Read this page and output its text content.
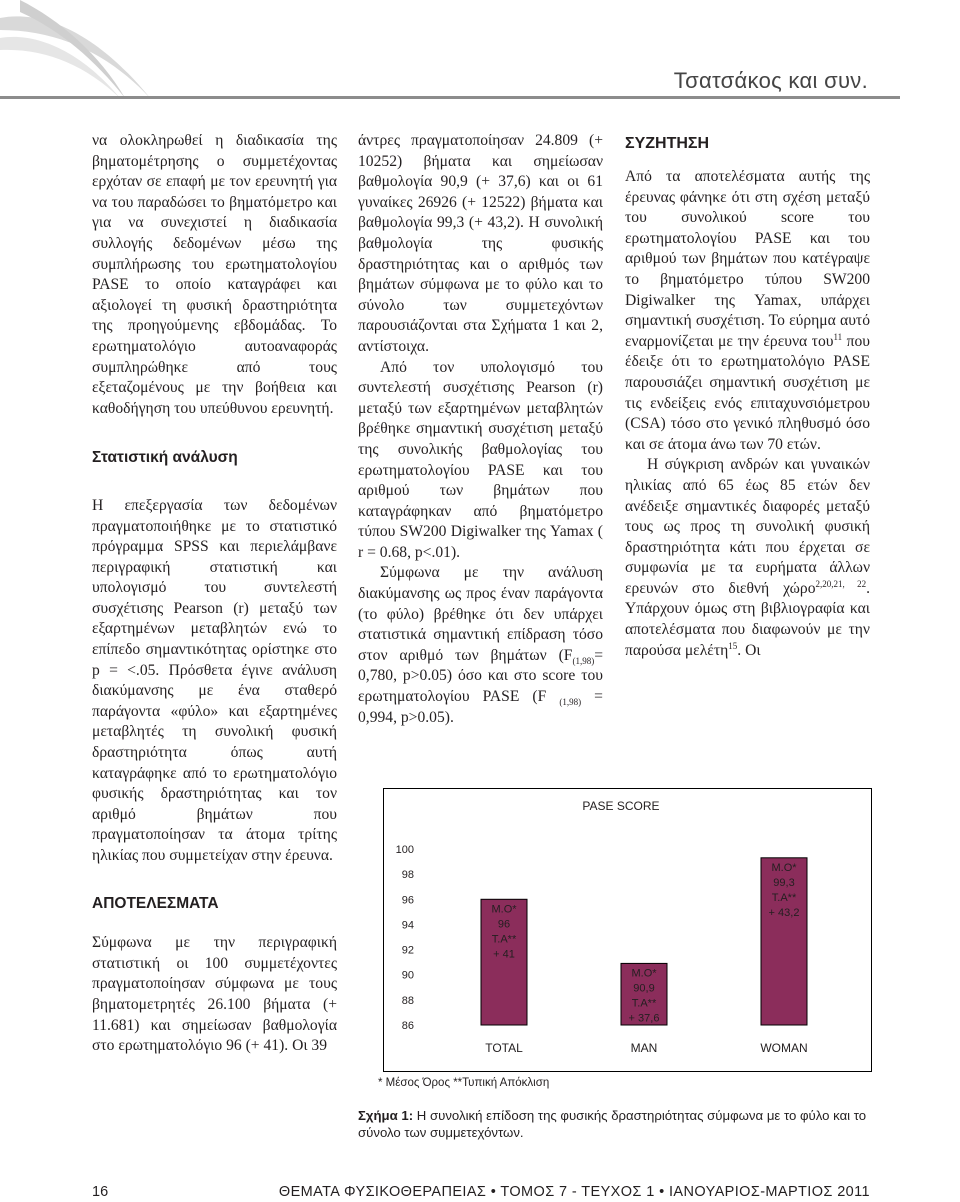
Τσατσάκος και συν.

να ολοκληρωθεί η διαδικασία της βηματομέτρησης ο συμμετέχοντας ερχόταν σε επαφή με τον ερευνητή για να του παραδώσει το βηματόμετρο και για να συνεχιστεί η διαδικασία συλλογής δεδομένων μέσω της συμπλήρωσης του ερωτηματολογίου PASE το οποίο καταγράφει και αξιολογεί τη φυσική δραστηριότητα της προηγούμενης εβδομάδας. Το ερωτηματολόγιο αυτοαναφοράς συμπληρώθηκε από τους εξεταζομένους με την βοήθεια και καθοδήγηση του υπεύθυνου ερευνητή.

Στατιστική ανάλυση

Η επεξεργασία των δεδομένων πραγματοποιήθηκε με το στατιστικό πρόγραμμα SPSS και περιελάμβανε περιγραφική στατιστική και υπολογισμό του συντελεστή συσχέτισης Pearson (r) μεταξύ των εξαρτημένων μεταβλητών ενώ το επίπεδο σημαντικότητας ορίστηκε στο p = <.05. Πρόσθετα έγινε ανάλυση διακύμανσης με ένα σταθερό παράγοντα «φύλο» και εξαρτημένες μεταβλητές τη συνολική φυσική δραστηριότητα όπως αυτή καταγράφηκε από το ερωτηματολόγιο φυσικής δραστηριότητας και τον αριθμό βημάτων που πραγματοποίησαν τα άτομα τρίτης ηλικίας που συμμετείχαν στην έρευνα.

ΑΠΟΤΕΛΕΣΜΑΤΑ

Σύμφωνα με την περιγραφική στατιστική οι 100 συμμετέχοντες πραγματοποίησαν σύμφωνα με τους βηματομετρητές 26.100 βήματα (+ 11.681) και σημείωσαν βαθμολογία στο ερωτηματολόγιο 96 (+ 41). Οι 39

άντρες πραγματοποίησαν 24.809 (+ 10252) βήματα και σημείωσαν βαθμολογία 90,9 (+ 37,6) και οι 61 γυναίκες 26926 (+ 12522) βήματα και βαθμολογία 99,3 (+ 43,2). Η συνολική βαθμολογία της φυσικής δραστηριότητας και ο αριθμός των βημάτων σύμφωνα με το φύλο και το σύνολο των συμμετεχόντων παρουσιάζονται στα Σχήματα 1 και 2, αντίστοιχα.

Από τον υπολογισμό του συντελεστή συσχέτισης Pearson (r) μεταξύ των εξαρτημένων μεταβλητών βρέθηκε σημαντική συσχέτιση μεταξύ της συνολικής βαθμολογίας του ερωτηματολογίου PASE και του αριθμού των βημάτων που καταγράφηκαν από βηματόμετρο τύπου SW200 Digiwalker της Yamax ( r = 0.68, p<.01).

Σύμφωνα με την ανάλυση διακύμανσης ως προς έναν παράγοντα (το φύλο) βρέθηκε ότι δεν υπάρχει στατιστικά σημαντική επίδραση τόσο στον αριθμό των βημάτων ($F_{(1,98)}= 0,780$, p>0.05) όσο και στο score του ερωτηματολογίου PASE (F $_{(1,98)}$ = 0,994, p>0.05).

ΣΥΖΗΤΗΣΗ

Από τα αποτελέσματα αυτής της έρευνας φάνηκε ότι στη σχέση μεταξύ του συνολικού score του ερωτηματολογίου PASE και του αριθμού των βημάτων που κατέγραψε το βηματόμετρο τύπου SW200 Digiwalker της Yamax, υπάρχει σημαντική συσχέτιση. Το εύρημα αυτό εναρμονίζεται με την έρευνα του$^{11}$ που έδειξε ότι το ερωτηματολόγιο PASE παρουσιάζει σημαντική συσχέτιση με τις ενδείξεις ενός επιταχυνσιόμετρου (CSA) τόσο στο γενικό πληθυσμό όσο και σε άτομα άνω των 70 ετών.

Η σύγκριση ανδρών και γυναικών ηλικίας από 65 έως 85 ετών δεν ανέδειξε σημαντικές διαφορές μεταξύ τους ως προς τη συνολική φυσική δραστηριότητα κάτι που έρχεται σε συμφωνία με τα ευρήματα άλλων ερευνών στο διεθνή χώρο$^{2,20,21, 22}$. Υπάρχουν όμως στη βιβλιογραφία και αποτελέσματα που διαφωνούν με την παρούσα μελέτη$^{15}$. Οι

PASE SCORE
100
98
96
94
92
90
88
86
M.O*
96
T.A**
+ 41
TOTAL
M.O*
90,9
T.A**
+ 37,6
MAN
M.O*
99,3
T.A**
+ 43,2
WOMAN
* Μέσος Όρος **Τυπική Απόκλιση
Σχήμα 1: Η συνολική επίδοση της φυσικής δραστηριότητας σύμφωνα με το φύλο και το σύνολο των συμμετεχόντων.
16	ΘΕΜΑΤΑ ΦΥΣΙΚΟΘΕΡΑΠΕΙΑΣ • ΤΟΜΟΣ 7 - ΤΕΥΧΟΣ 1 • ΙΑΝΟΥΑΡΙΟΣ-ΜΑΡΤΙΟΣ 2011
